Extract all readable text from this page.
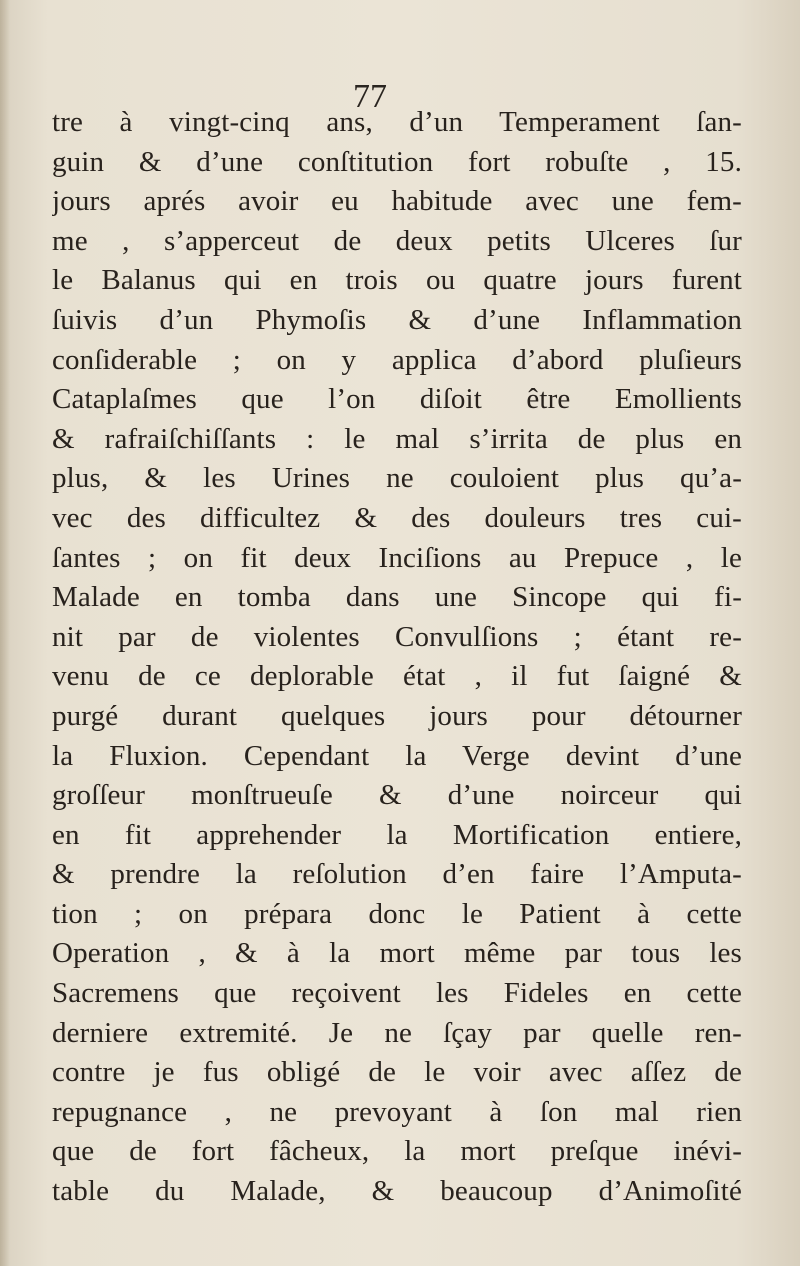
77
tre à vingt-cinq ans, d’un Temperament ſan-
guin & d’une conſtitution fort robuſte , 15.
jours aprés avoir eu habitude avec une fem-
me , s’apperceut de deux petits Ulceres ſur
le Balanus qui en trois ou quatre jours furent
ſuivis d’un Phymoſis & d’une Inflammation
conſiderable ; on y applica d’abord pluſieurs
Cataplaſmes que l’on diſoit être Emollients
& rafraiſchiſſants : le mal s’irrita de plus en
plus, & les Urines ne couloient plus qu’a-
vec des difficultez & des douleurs tres cui-
ſantes ; on fit deux Inciſions au Prepuce , le
Malade en tomba dans une Sincope qui fi-
nit par de violentes Convulſions ; étant re-
venu de ce deplorable état , il fut ſaigné &
purgé durant quelques jours pour détourner
la Fluxion. Cependant la Verge devint d’une
groſſeur monſtrueuſe & d’une noirceur qui
en fit apprehender la Mortification entiere,
& prendre la reſolution d’en faire l’Amputa-
tion ; on prépara donc le Patient à cette
Operation , & à la mort même par tous les
Sacremens que reçoivent les Fideles en cette
derniere extremité. Je ne ſçay par quelle ren-
contre je fus obligé de le voir avec aſſez de
repugnance , ne prevoyant à ſon mal rien
que de fort fâcheux, la mort preſque inévi-
table du Malade, & beaucoup d’Animoſité
